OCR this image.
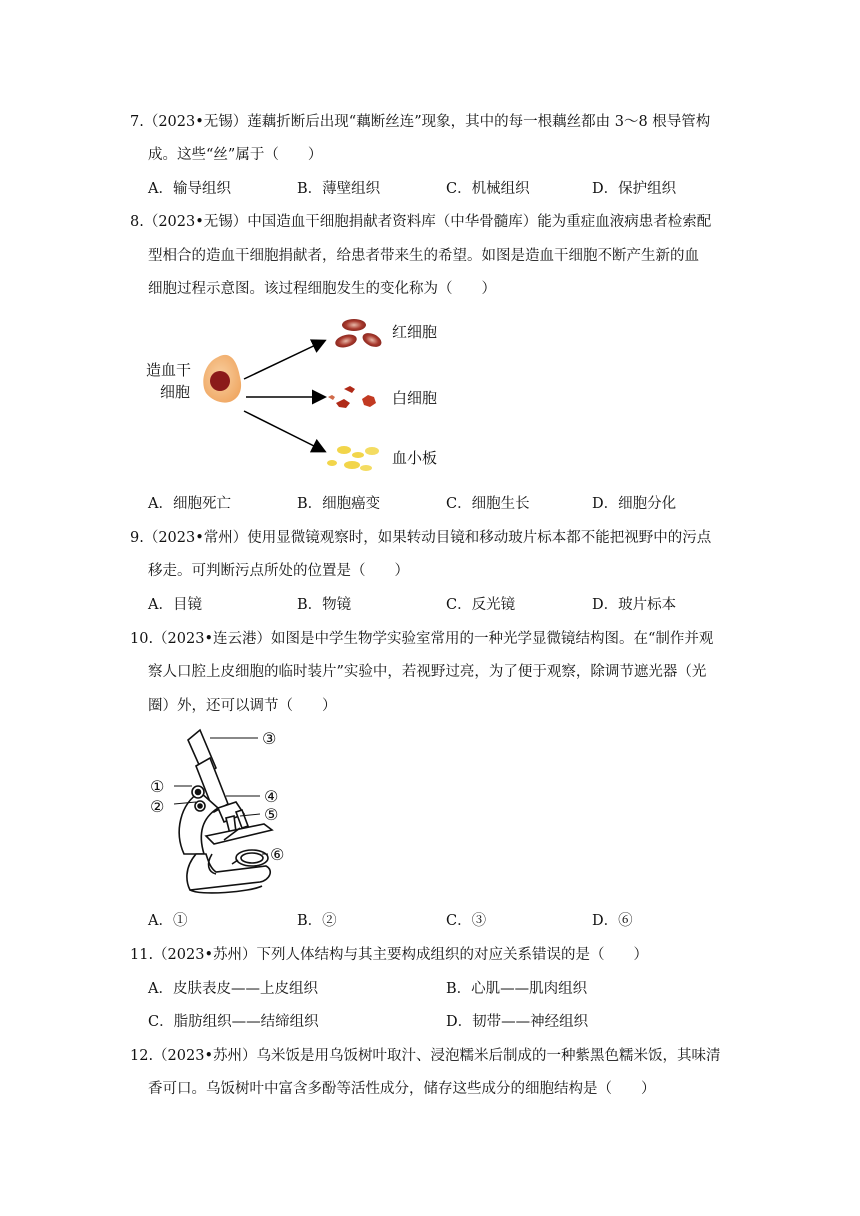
7.（2023•无锡）莲藕折断后出现“藕断丝连”现象，其中的每一根藕丝都由 3～8 根导管构
成。这些“丝”属于（　　）
A．输导组织	B．薄壁组织	C．机械组织	D．保护组织
8.（2023•无锡）中国造血干细胞捐献者资料库（中华骨髓库）能为重症血液病患者检索配
型相合的造血干细胞捐献者，给患者带来生的希望。如图是造血干细胞不断产生新的血
细胞过程示意图。该过程细胞发生的变化称为（　　）
造血干
细胞
红细胞
白细胞
血小板
A．细胞死亡	B．细胞癌变	C．细胞生长	D．细胞分化
9.（2023•常州）使用显微镜观察时，如果转动目镜和移动玻片标本都不能把视野中的污点
移走。可判断污点所处的位置是（　　）
A．目镜	B．物镜	C．反光镜	D．玻片标本
10.（2023•连云港）如图是中学生物学实验室常用的一种光学显微镜结构图。在“制作并观
察人口腔上皮细胞的临时装片”实验中，若视野过亮，为了便于观察，除调节遮光器（光
圈）外，还可以调节（　　）
③
①
②
④
⑤
⑥
A．①	B．②	C．③	D．⑥
11.（2023•苏州）下列人体结构与其主要构成组织的对应关系错误的是（　　）
A．皮肤表皮——上皮组织	B．心肌——肌肉组织
C．脂肪组织——结缔组织	D．韧带——神经组织
12.（2023•苏州）乌米饭是用乌饭树叶取汁、浸泡糯米后制成的一种紫黑色糯米饭，其味清
香可口。乌饭树叶中富含多酚等活性成分，储存这些成分的细胞结构是（　　）
